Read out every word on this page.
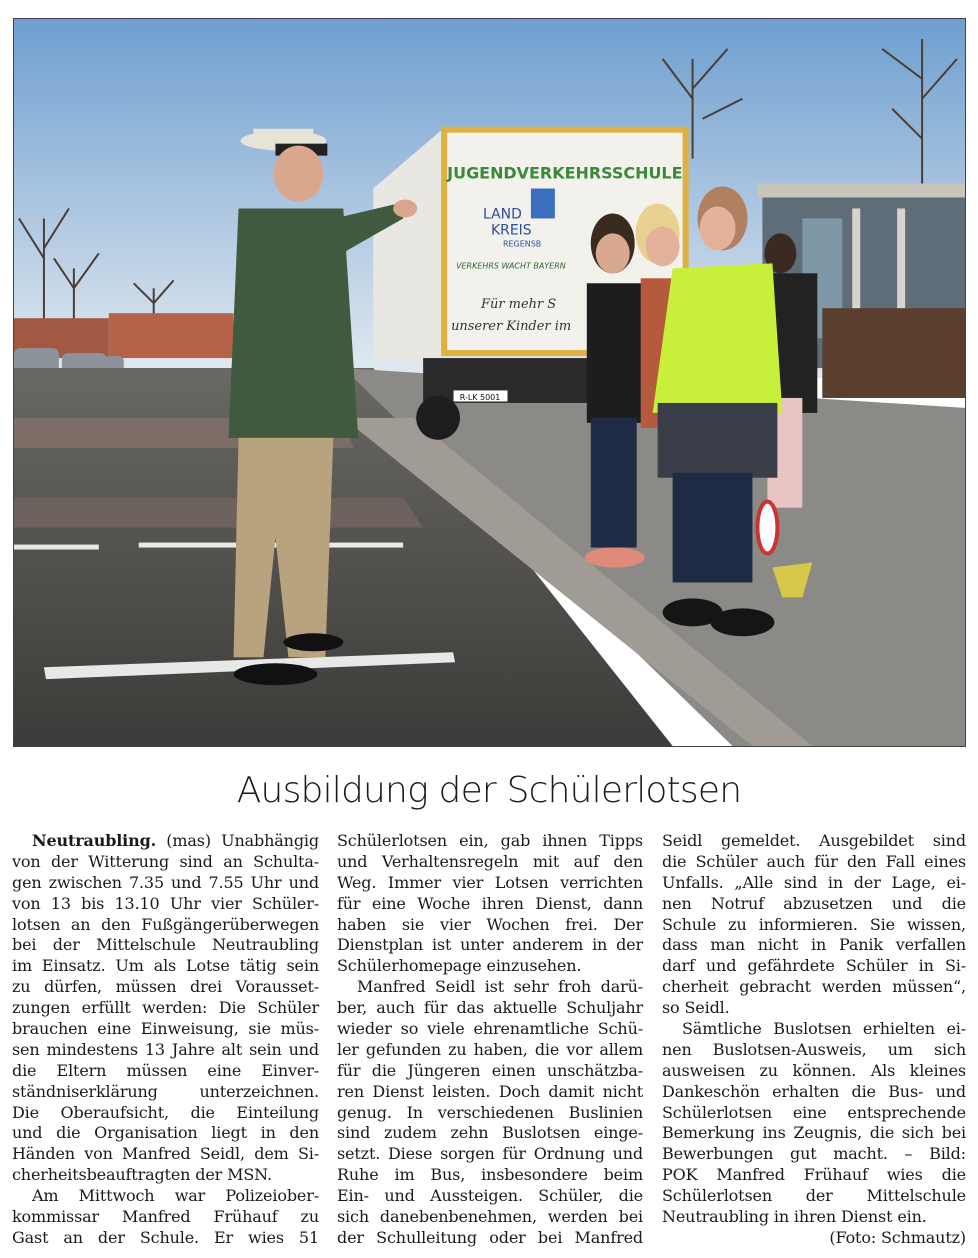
JUGENDVERKEHRSSCHULE
LAND
KREIS
REGENSB
VERKEHRS WACHT BAYERN
Für mehr S
unserer Kinder im
R-LK 5001
Ausbildung der Schülerlotsen
Neutraubling. (mas) Unabhängig
von der Witterung sind an Schulta-
gen zwischen 7.35 und 7.55 Uhr und
von 13 bis 13.10 Uhr vier Schüler-
lotsen an den Fußgängerüberwegen
bei der Mittelschule Neutraubling
im Einsatz. Um als Lotse tätig sein
zu dürfen, müssen drei Vorausset-
zungen erfüllt werden: Die Schüler
brauchen eine Einweisung, sie müs-
sen mindestens 13 Jahre alt sein und
die Eltern müssen eine Einver-
ständniserklärung unterzeichnen.
Die Oberaufsicht, die Einteilung
und die Organisation liegt in den
Händen von Manfred Seidl, dem Si-
cherheitsbeauftragten der MSN.
Am Mittwoch war Polizeiober-
kommissar Manfred Frühauf zu
Gast an der Schule. Er wies 51
Schülerlotsen ein, gab ihnen Tipps
und Verhaltensregeln mit auf den
Weg. Immer vier Lotsen verrichten
für eine Woche ihren Dienst, dann
haben sie vier Wochen frei. Der
Dienstplan ist unter anderem in der
Schülerhomepage einzusehen.
Manfred Seidl ist sehr froh darü-
ber, auch für das aktuelle Schuljahr
wieder so viele ehrenamtliche Schü-
ler gefunden zu haben, die vor allem
für die Jüngeren einen unschätzba-
ren Dienst leisten. Doch damit nicht
genug. In verschiedenen Buslinien
sind zudem zehn Buslotsen einge-
setzt. Diese sorgen für Ordnung und
Ruhe im Bus, insbesondere beim
Ein- und Aussteigen. Schüler, die
sich danebenbenehmen, werden bei
der Schulleitung oder bei Manfred
Seidl gemeldet. Ausgebildet sind
die Schüler auch für den Fall eines
Unfalls. „Alle sind in der Lage, ei-
nen Notruf abzusetzen und die
Schule zu informieren. Sie wissen,
dass man nicht in Panik verfallen
darf und gefährdete Schüler in Si-
cherheit gebracht werden müssen“,
so Seidl.
Sämtliche Buslotsen erhielten ei-
nen Buslotsen-Ausweis, um sich
ausweisen zu können. Als kleines
Dankeschön erhalten die Bus- und
Schülerlotsen eine entsprechende
Bemerkung ins Zeugnis, die sich bei
Bewerbungen gut macht. – Bild:
POK Manfred Frühauf wies die
Schülerlotsen der Mittelschule
Neutraubling in ihren Dienst ein.
(Foto: Schmautz)
